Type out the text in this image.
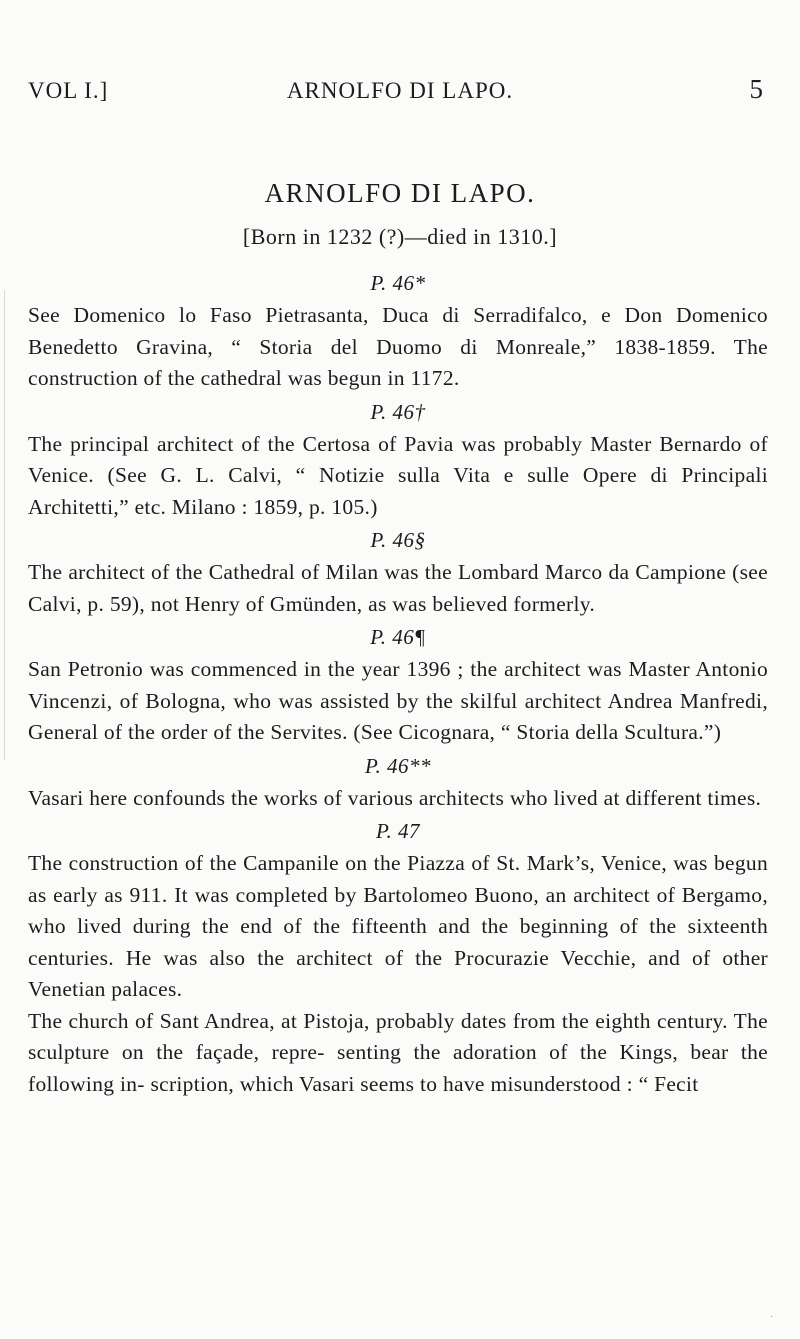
VOL I.]	ARNOLFO DI LAPO.	5
ARNOLFO DI LAPO.
[Born in 1232 (?)—died in 1310.]
P. 46*

See Domenico lo Faso Pietrasanta, Duca di Serradifalco, e Don Domenico Benedetto Gravina, “ Storia del Duomo di Monreale,” 1838-1859. The construction of the cathedral was begun in 1172.

P. 46†

The principal architect of the Certosa of Pavia was probably Master Bernardo of Venice. (See G. L. Calvi, “ Notizie sulla Vita e sulle Opere di Principali Architetti,” etc. Milano : 1859, p. 105.)

P. 46§

The architect of the Cathedral of Milan was the Lombard Marco da Campione (see Calvi, p. 59), not Henry of Gmünden, as was believed formerly.

P. 46¶

San Petronio was commenced in the year 1396 ; the architect was Master Antonio Vincenzi, of Bologna, who was assisted by the skilful architect Andrea Manfredi, General of the order of the Servites. (See Cicognara, “ Storia della Scultura.”)

P. 46**

Vasari here confounds the works of various architects who lived at different times.

P. 47

The construction of the Campanile on the Piazza of St. Mark’s, Venice, was begun as early as 911. It was completed by Bartolomeo Buono, an architect of Bergamo, who lived during the end of the fifteenth and the beginning of the sixteenth centuries. He was also the architect of the Procurazie Vecchie, and of other Venetian palaces.

The church of Sant Andrea, at Pistoja, probably dates from the eighth century. The sculpture on the façade, repre- senting the adoration of the Kings, bear the following in- scription, which Vasari seems to have misunderstood : “ Fecit

·
